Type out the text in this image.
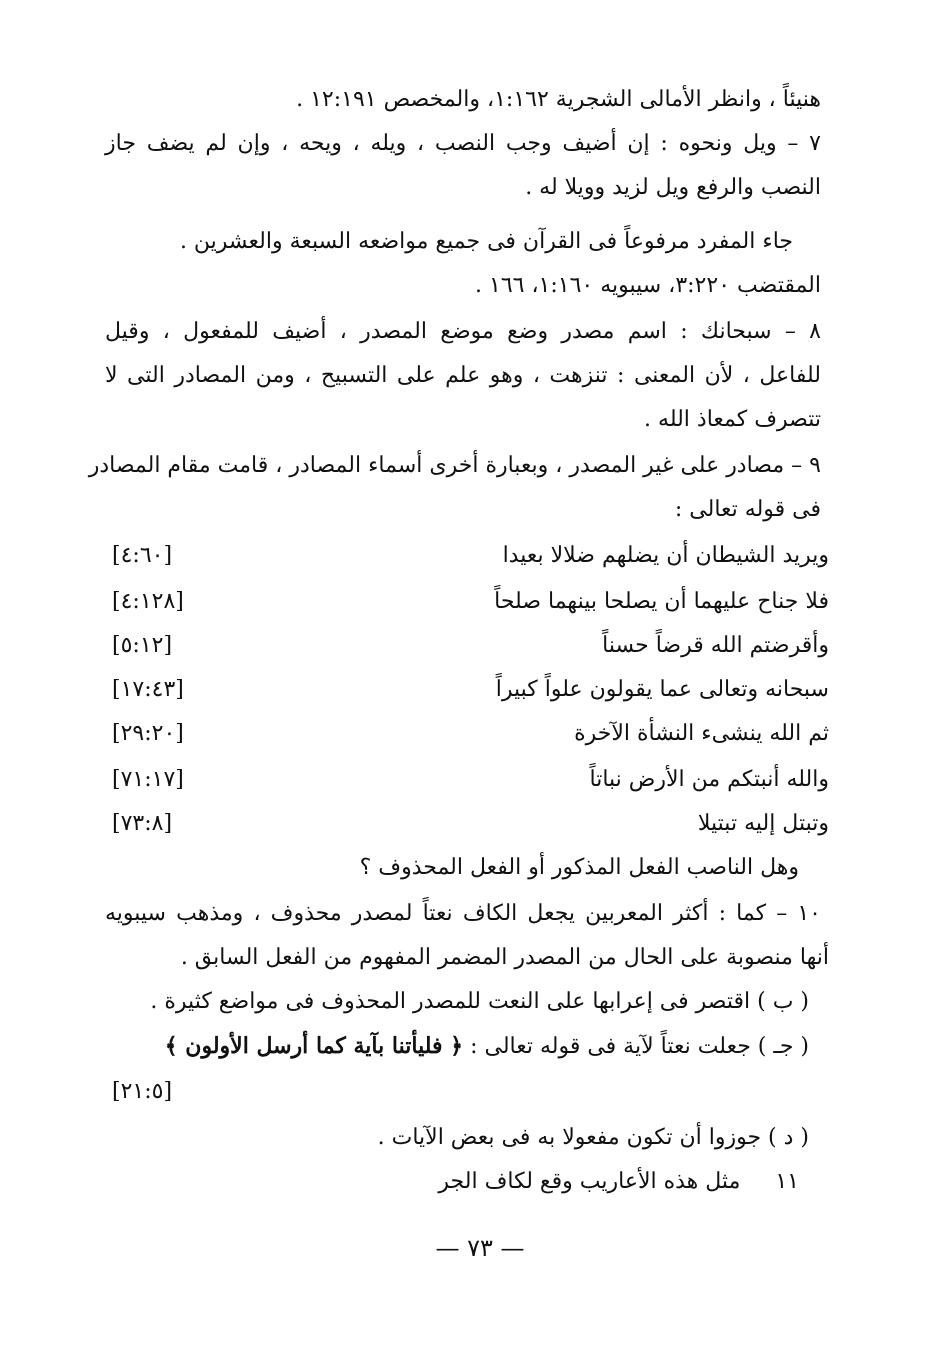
هنيئاً ، وانظر الأمالى الشجرية ١:١٦٢، والمخصص ١٢:١٩١ .
٧ – ويل ونحوه : إن أضيف وجب النصب ، ويله ، ويحه ، وإن لم يضف جاز
النصب والرفع ويل لزيد وويلا له .
جاء المفرد مرفوعاً فى القرآن فى جميع مواضعه السبعة والعشرين .
المقتضب ٣:٢٢٠، سيبويه ١:١٦٠، ١٦٦ .
٨ – سبحانك : اسم مصدر وضع موضع المصدر ، أضيف للمفعول ، وقيل
للفاعل ، لأن المعنى : تنزهت ، وهو علم على التسبيح ، ومن المصادر التى لا
تتصرف كمعاذ الله .
٩ – مصادر على غير المصدر ، وبعبارة أخرى أسماء المصادر ، قامت مقام المصادر
فى قوله تعالى :
ويريد الشيطان أن يضلهم ضلالا بعيدا
[٤:٦٠]
فلا جناح عليهما أن يصلحا بينهما صلحاً
[٤:١٢٨]
وأقرضتم الله قرضاً حسناً
[٥:١٢]
سبحانه وتعالى عما يقولون علواً كبيراً
[١٧:٤٣]
ثم الله ينشىء النشأة الآخرة
[٢٩:٢٠]
والله أنبتكم من الأرض نباتاً
[٧١:١٧]
وتبتل إليه تبتيلا
[٧٣:٨]
وهل الناصب الفعل المذكور أو الفعل المحذوف ؟
١٠ – كما : أكثر المعربين يجعل الكاف نعتاً لمصدر محذوف ، ومذهب سيبويه
أنها منصوبة على الحال من المصدر المضمر المفهوم من الفعل السابق .
( ب ) اقتصر فى إعرابها على النعت للمصدر المحذوف فى مواضع كثيرة .
( جـ ) جعلت نعتاً لآية فى قوله تعالى : ﴿ فليأتنا بآية كما أرسل الأولون ﴾
[٢١:٥]
( د ) جوزوا أن تكون مفعولا به فى بعض الآيات .
١١ مثل هذه الأعاريب وقع لكاف الجر
— ٧٣ —
